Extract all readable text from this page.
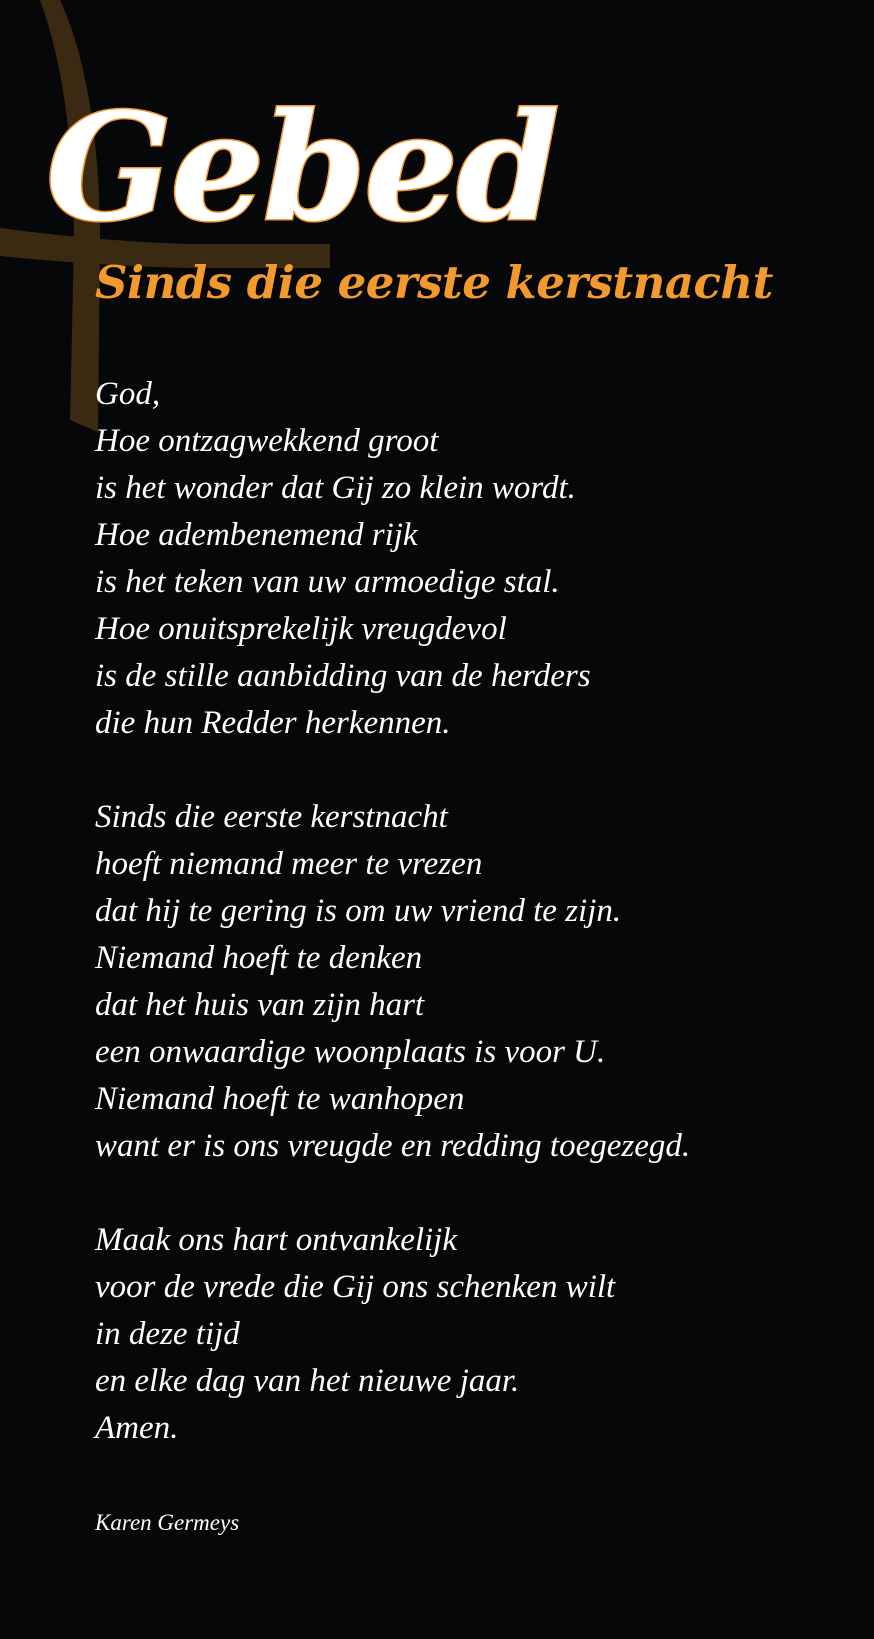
Gebed
Sinds die eerste kerstnacht
God,
Hoe ontzagwekkend groot
is het wonder dat Gij zo klein wordt.
Hoe adembenemend rijk
is het teken van uw armoedige stal.
Hoe onuitsprekelijk vreugdevol
is de stille aanbidding van de herders
die hun Redder herkennen.
Sinds die eerste kerstnacht
hoeft niemand meer te vrezen
dat hij te gering is om uw vriend te zijn.
Niemand hoeft te denken
dat het huis van zijn hart
een onwaardige woonplaats is voor U.
Niemand hoeft te wanhopen
want er is ons vreugde en redding toegezegd.
Maak ons hart ontvankelijk
voor de vrede die Gij ons schenken wilt
in deze tijd
en elke dag van het nieuwe jaar.
Amen.
Karen Germeys
